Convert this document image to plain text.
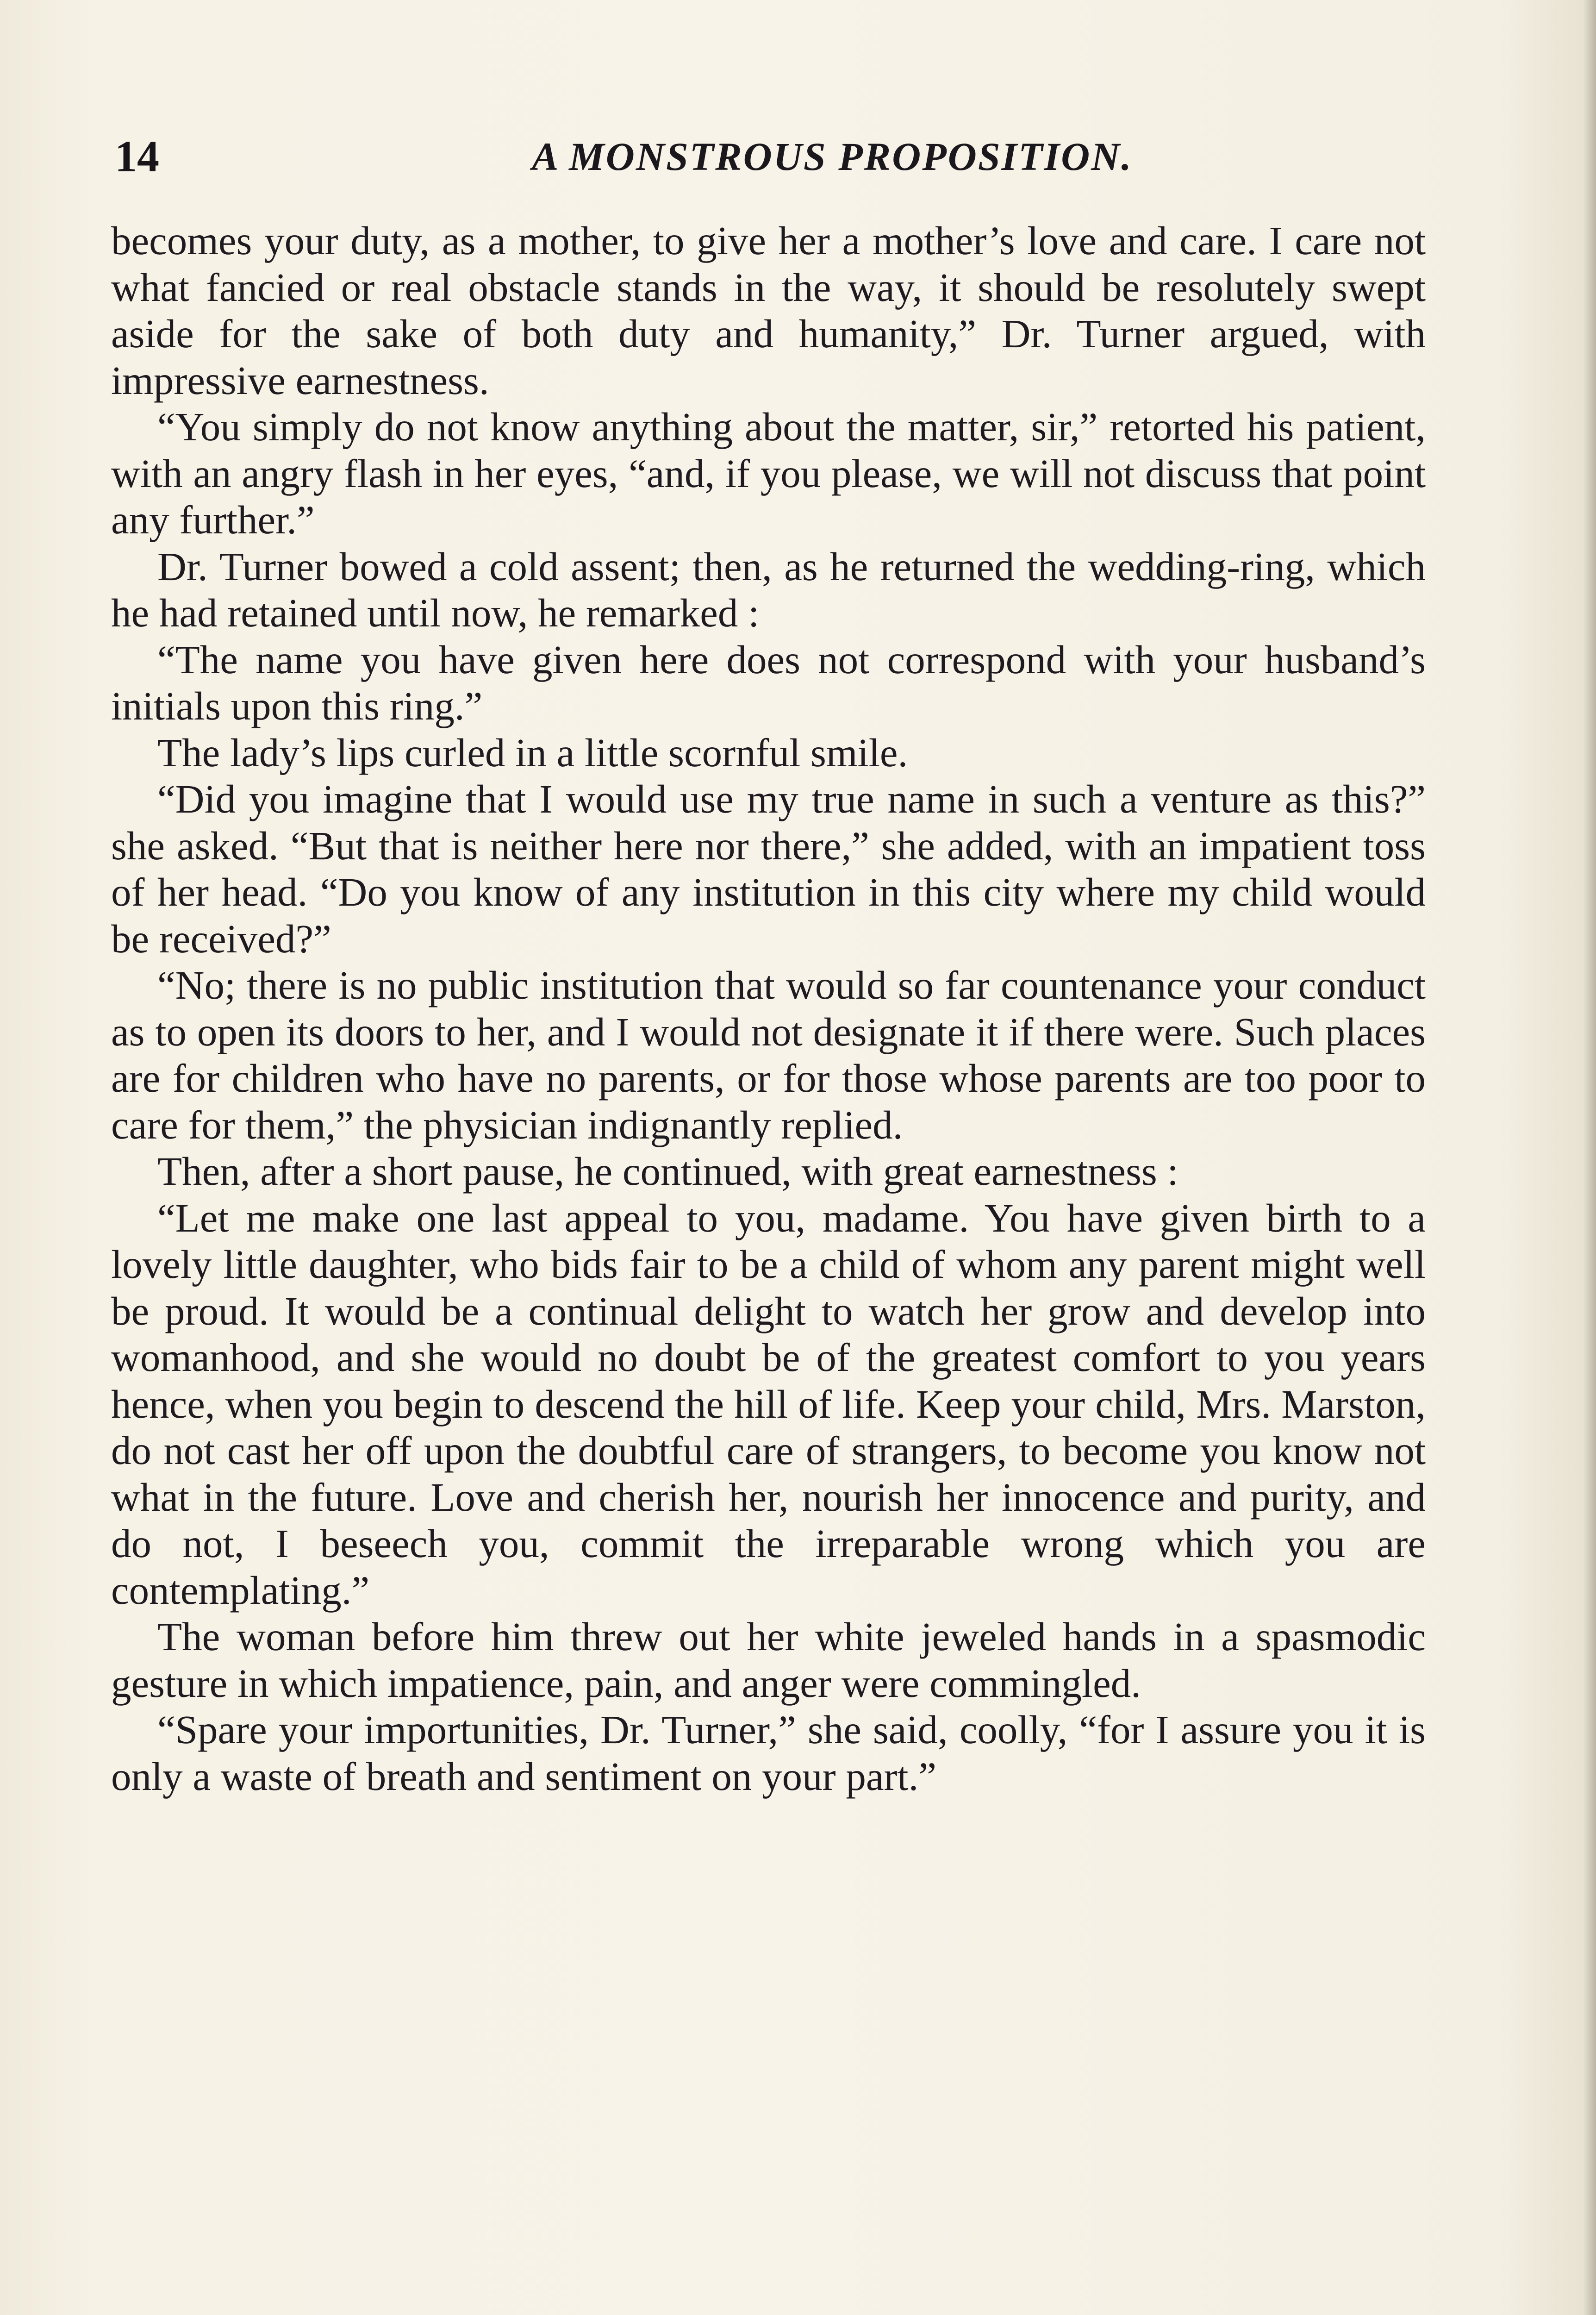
14	A MONSTROUS PROPOSITION.

becomes your duty, as a mother, to give her a mother’s love and care. I care not what fancied or real obstacle stands in the way, it should be resolutely swept aside for the sake of both duty and humanity,” Dr. Turner argued, with impressive earnestness.

“You simply do not know anything about the matter, sir,” retorted his patient, with an angry flash in her eyes, “and, if you please, we will not discuss that point any further.”

Dr. Turner bowed a cold assent; then, as he returned the wedding-ring, which he had retained until now, he remarked :

“The name you have given here does not correspond with your husband’s initials upon this ring.”

The lady’s lips curled in a little scornful smile.

“Did you imagine that I would use my true name in such a venture as this?” she asked. “But that is neither here nor there,” she added, with an impatient toss of her head. “Do you know of any institution in this city where my child would be received?”

“No; there is no public institution that would so far countenance your conduct as to open its doors to her, and I would not designate it if there were. Such places are for children who have no parents, or for those whose parents are too poor to care for them,” the physician indignantly replied.

Then, after a short pause, he continued, with great earnestness :

“Let me make one last appeal to you, madame. You have given birth to a lovely little daughter, who bids fair to be a child of whom any parent might well be proud. It would be a continual delight to watch her grow and develop into womanhood, and she would no doubt be of the greatest comfort to you years hence, when you begin to descend the hill of life. Keep your child, Mrs. Marston, do not cast her off upon the doubtful care of strangers, to become you know not what in the future. Love and cherish her, nourish her innocence and purity, and do not, I beseech you, commit the irreparable wrong which you are contemplating.”

The woman before him threw out her white jeweled hands in a spasmodic gesture in which impatience, pain, and anger were commingled.

“Spare your importunities, Dr. Turner,” she said, coolly, “for I assure you it is only a waste of breath and sentiment on your part.”
